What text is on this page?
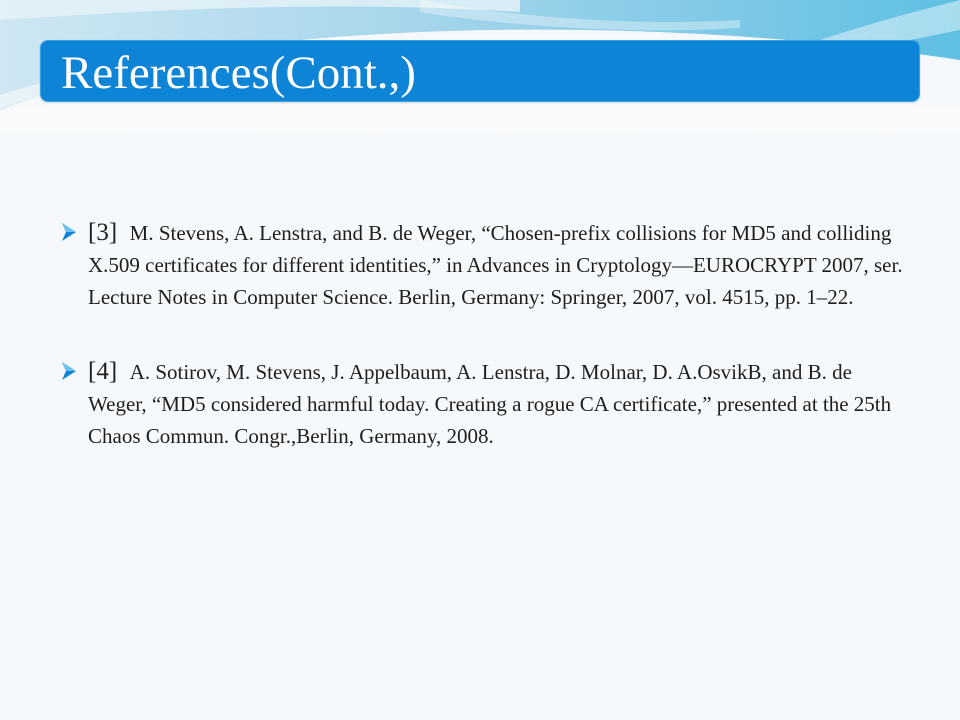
References(Cont.,)
[3]  M. Stevens, A. Lenstra, and B. de Weger, “Chosen-prefix collisions for MD5 and colliding X.509 certificates for different identities,” in Advances in Cryptology—EUROCRYPT 2007, ser. Lecture Notes in Computer Science. Berlin, Germany: Springer, 2007, vol. 4515, pp. 1–22.
[4]  A. Sotirov, M. Stevens, J. Appelbaum, A. Lenstra, D. Molnar, D. A.OsvikB, and B. de Weger, “MD5 considered harmful today. Creating a rogue CA certificate,” presented at the 25th Chaos Commun. Congr.,Berlin, Germany, 2008.
